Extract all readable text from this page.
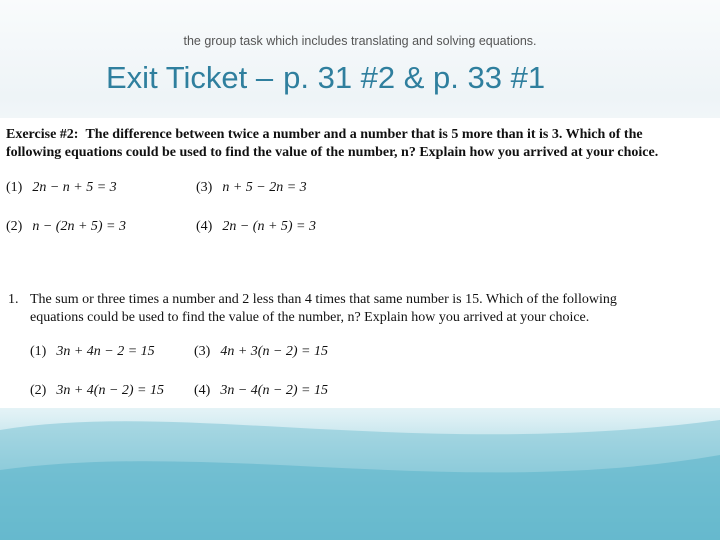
the group task which includes translating and solving equations.
Exit Ticket – p. 31 #2 & p. 33 #1
Exercise #2: The difference between twice a number and a number that is 5 more than it is 3. Which of the
following equations could be used to find the value of the number, n? Explain how you arrived at your choice.
(1) 2n − n + 5 = 3	(3) n + 5 − 2n = 3
(2) n − (2n + 5) = 3	(4) 2n − (n + 5) = 3
1. The sum or three times a number and 2 less than 4 times that same number is 15. Which of the following
equations could be used to find the value of the number, n? Explain how you arrived at your choice.
(1) 3n + 4n − 2 = 15	(3) 4n + 3(n − 2) = 15
(2) 3n + 4(n − 2) = 15 (4) 3n − 4(n − 2) = 15
